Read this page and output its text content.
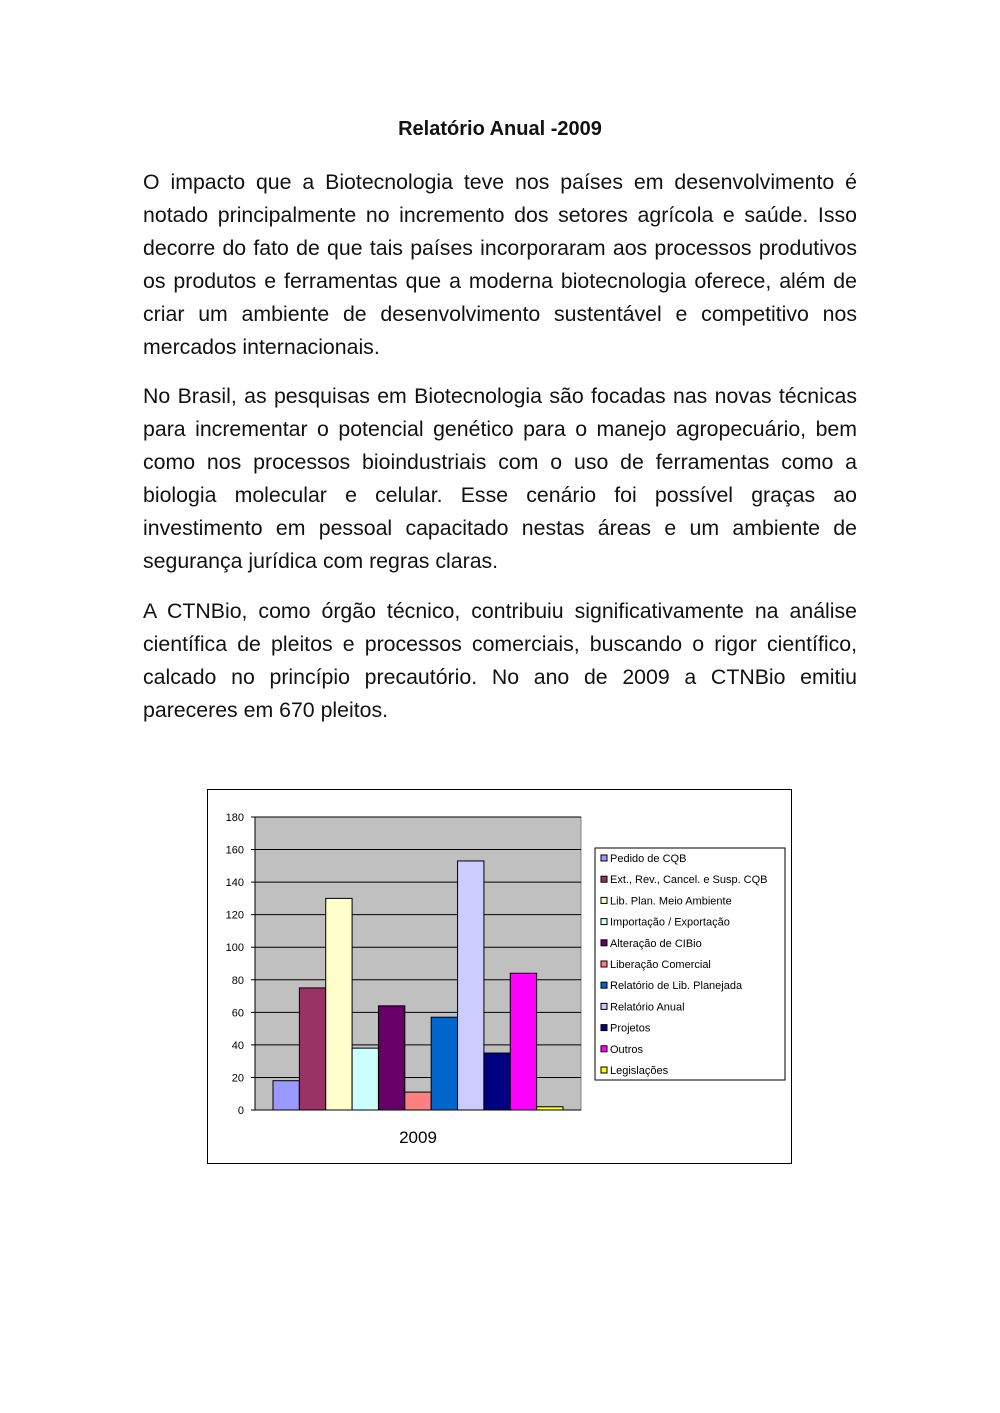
Relatório Anual -2009

O impacto que a Biotecnologia teve nos países em desenvolvimento é notado principalmente no incremento dos setores agrícola e saúde. Isso decorre do fato de que tais países incorporaram aos processos produtivos os produtos e ferramentas que a moderna biotecnologia oferece, além de criar um ambiente de desenvolvimento sustentável e competitivo nos mercados internacionais.

No Brasil, as pesquisas em Biotecnologia são focadas nas novas técnicas para incrementar o potencial genético para o manejo agropecuário, bem como nos processos bioindustriais com o uso de ferramentas como a biologia molecular e celular. Esse cenário foi possível graças ao investimento em pessoal capacitado nestas áreas e um ambiente de segurança jurídica com regras claras.

A CTNBio, como órgão técnico, contribuiu significativamente na análise científica de pleitos e processos comerciais, buscando o rigor científico, calcado no princípio precautório. No ano de 2009 a CTNBio emitiu pareceres em 670 pleitos.

0
20
40
60
80
100
120
140
160
180
2009
Pedido de CQB
Ext., Rev., Cancel. e Susp. CQB
Lib. Plan. Meio Ambiente
Importação / Exportação
Alteração de CIBio
Liberação Comercial
Relatório de Lib. Planejada
Relatório Anual
Projetos
Outros
Legislações
